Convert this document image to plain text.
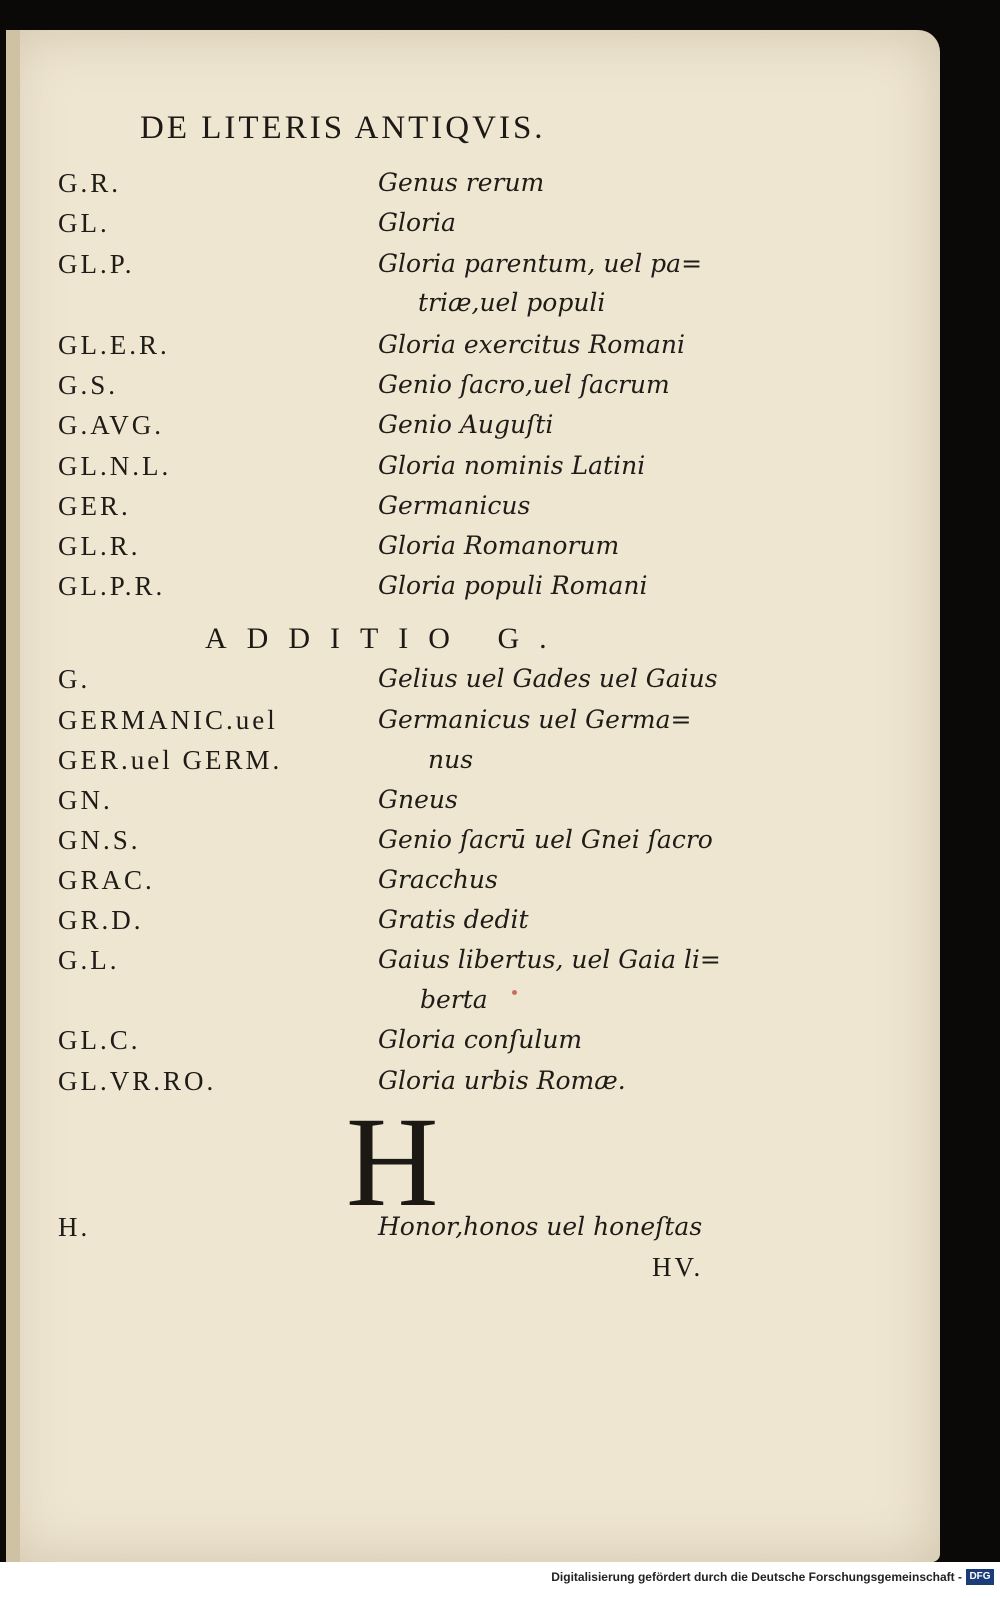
DE LITERIS ANTIQVIS.
G.R.	Genus rerum
GL.	Gloria
GL.P.	Gloria parentum, uel pa=
triæ,uel populi
GL.E.R.	Gloria exercitus Romani
G.S.	Genio ſacro,uel ſacrum
G.AVG.	Genio Auguſti
GL.N.L.	Gloria nominis Latini
GER.	Germanicus
GL.R.	Gloria Romanorum
GL.P.R.	Gloria populi Romani
ADDITIO G.
G.	Gelius uel Gades uel Gaius
GERMANIC.uel	Germanicus uel Germa=
GER.uel GERM.	nus
GN.	Gneus
GN.S.	Genio ſacrū uel Gnei ſacro
GRAC.	Gracchus
GR.D.	Gratis dedit
G.L.	Gaius libertus, uel Gaia li=
berta
GL.C.	Gloria conſulum
GL.VR.RO.	Gloria urbis Romæ.
H
H.	Honor,honos uel honeſtas
HV.
Digitalisierung gefördert durch die Deutsche Forschungsgemeinschaft - DFG
